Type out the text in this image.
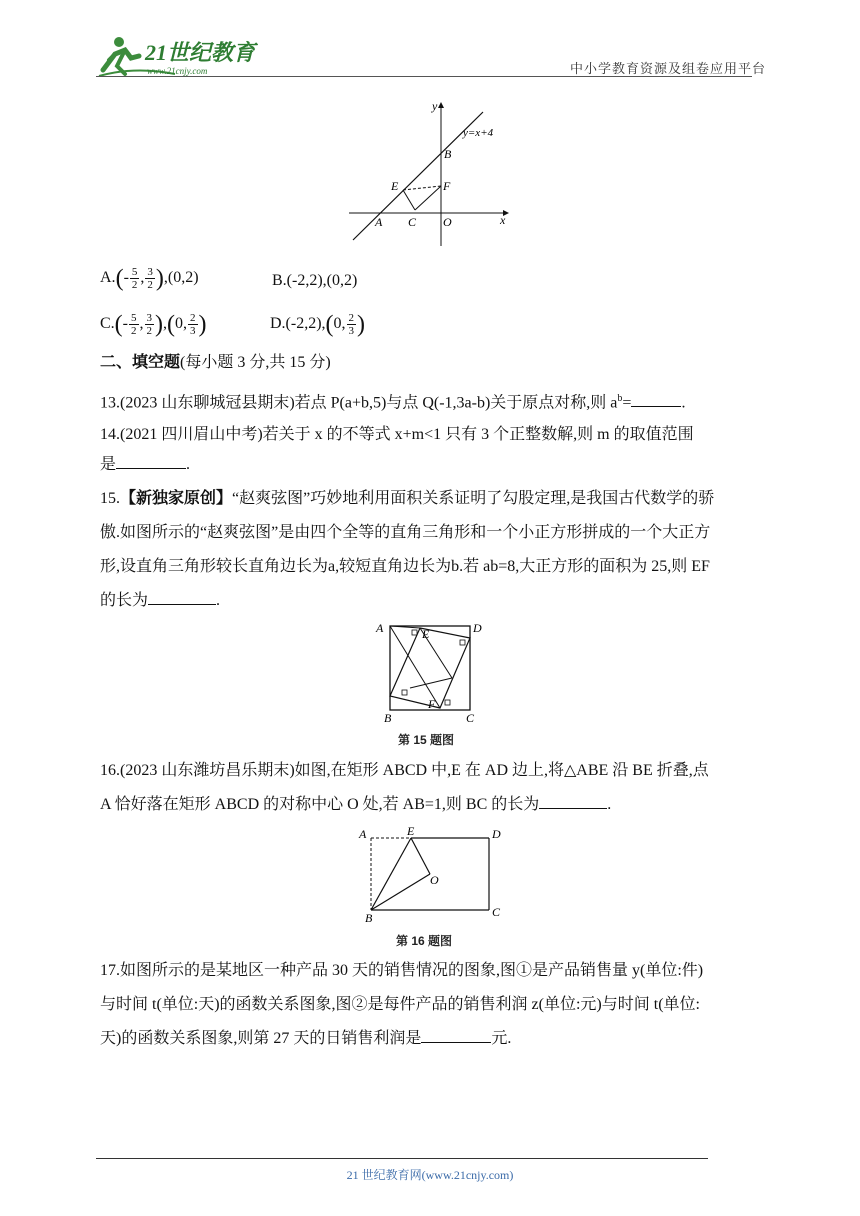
21世纪教育
www.21cnjy.com	中小学教育资源及组卷应用平台
y
x
y=x+4
B
E	F
A C O
$A.(- \frac{5}{2}$ , $\frac{3}{2} ),(0,2)$	B.(-2,2),(0,2)
$C.(- \frac{5}{2}$ , $\frac{3}{2} ),(0$, $\frac{2}{3}$ )	D.(-2,2),(0, $\frac{2}{3}$ )
二、填空题(每小题 3 分,共 15 分)
13.(2023 山东聊城冠县期末)若点 P(a+b,5)与点 Q(-1,3a-b)关于原点对称,则 $a^b=$	.
14.(2021 四川眉山中考)若关于 x 的不等式 x+m<1 只有 3 个正整数解,则 m 的取值范围
是	.
15.【新独家原创】“赵爽弦图”巧妙地利用面积关系证明了勾股定理,是我国古代数学的骄
傲.如图所示的“赵爽弦图”是由四个全等的直角三角形和一个小正方形拼成的一个大正方
形,设直角三角形较长直角边长为a,较短直角边长为b.若 ab=8,大正方形的面积为 25,则 EF
的长为	.
A	D
E
F
B	C
第 15 题图
16.(2023 山东潍坊昌乐期末)如图,在矩形 ABCD 中,E 在 AD 边上,将△ABE 沿 BE 折叠,点
A 恰好落在矩形 ABCD 的对称中心 O 处,若 AB=1,则 BC 的长为	.
A	E	D
O
B	C
第 16 题图
17.如图所示的是某地区一种产品 30 天的销售情况的图象,图①是产品销售量 y(单位:件)
与时间 t(单位:天)的函数关系图象,图②是每件产品的销售利润 z(单位:元)与时间 t(单位:
天)的函数关系图象,则第 27 天的日销售利润是	元.
21 世纪教育网(www.21cnjy.com)
